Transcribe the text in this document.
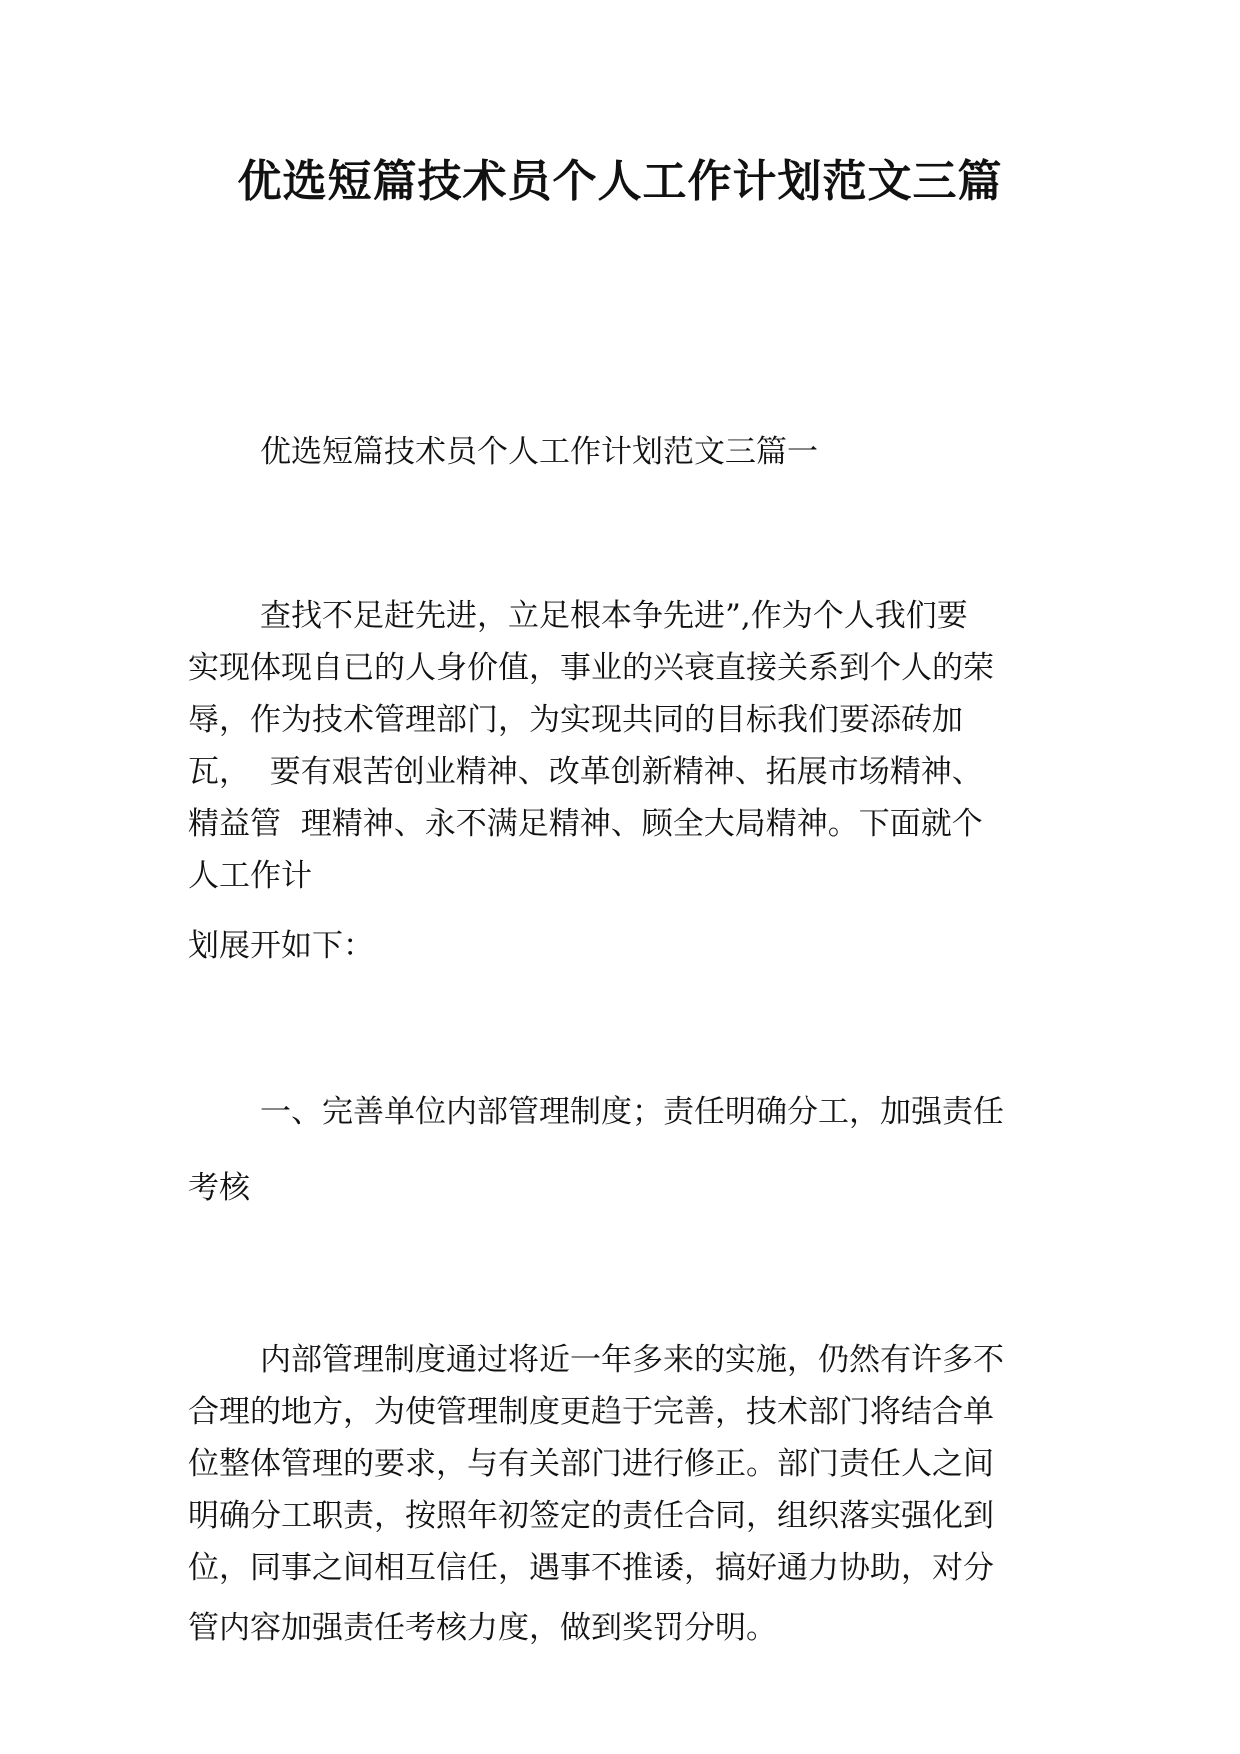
优选短篇技术员个人工作计划范文三篇

优选短篇技术员个人工作计划范文三篇一

查找不足赶先进，立足根本争先进”,作为个人我们要

实现体现自已的人身价值，事业的兴衰直接关系到个人的荣

辱，作为技术管理部门，为实现共同的目标我们要添砖加

瓦，  要有艰苦创业精神、改革创新精神、拓展市场精神、

精益管  理精神、永不满足精神、顾全大局精神。下面就个

人工作计

划展开如下：

一、完善单位内部管理制度；责任明确分工，加强责任

考核

内部管理制度通过将近一年多来的实施，仍然有许多不

合理的地方，为使管理制度更趋于完善，技术部门将结合单

位整体管理的要求，与有关部门进行修正。部门责任人之间

明确分工职责，按照年初签定的责任合同，组织落实强化到

位，同事之间相互信任，遇事不推诿，搞好通力协助，对分

管内容加强责任考核力度，做到奖罚分明。
